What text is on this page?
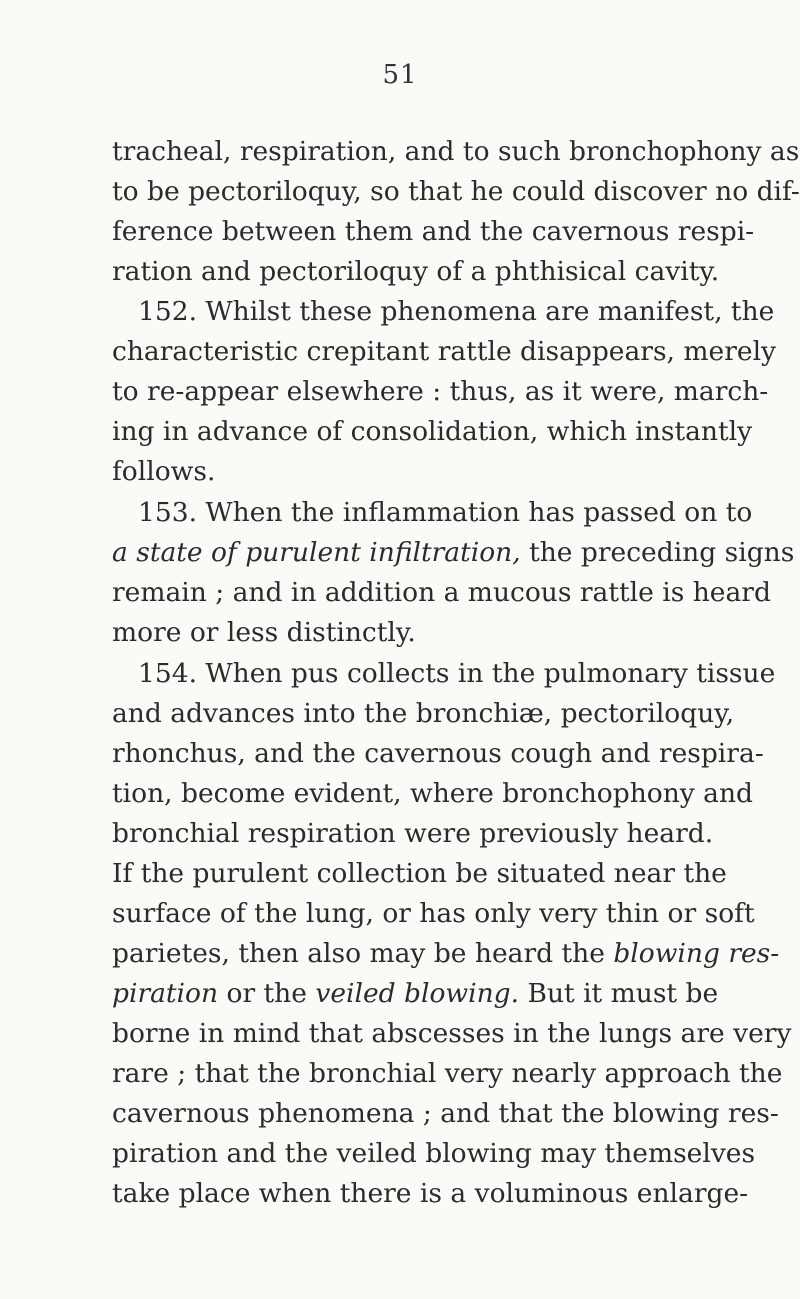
51
tracheal, respiration, and to such bronchophony as
to be pectoriloquy, so that he could discover no dif-
ference between them and the cavernous respi-
ration and pectoriloquy of a phthisical cavity.
152. Whilst these phenomena are manifest, the
characteristic crepitant rattle disappears, merely
to re-appear elsewhere : thus, as it were, march-
ing in advance of consolidation, which instantly
follows.
153. When the inflammation has passed on to
a state of purulent infiltration, the preceding signs
remain ; and in addition a mucous rattle is heard
more or less distinctly.
154. When pus collects in the pulmonary tissue
and advances into the bronchiæ, pectoriloquy,
rhonchus, and the cavernous cough and respira-
tion, become evident, where bronchophony and
bronchial respiration were previously heard.
If the purulent collection be situated near the
surface of the lung, or has only very thin or soft
parietes, then also may be heard the blowing res-
piration or the veiled blowing. But it must be
borne in mind that abscesses in the lungs are very
rare ; that the bronchial very nearly approach the
cavernous phenomena ; and that the blowing res-
piration and the veiled blowing may themselves
take place when there is a voluminous enlarge-
